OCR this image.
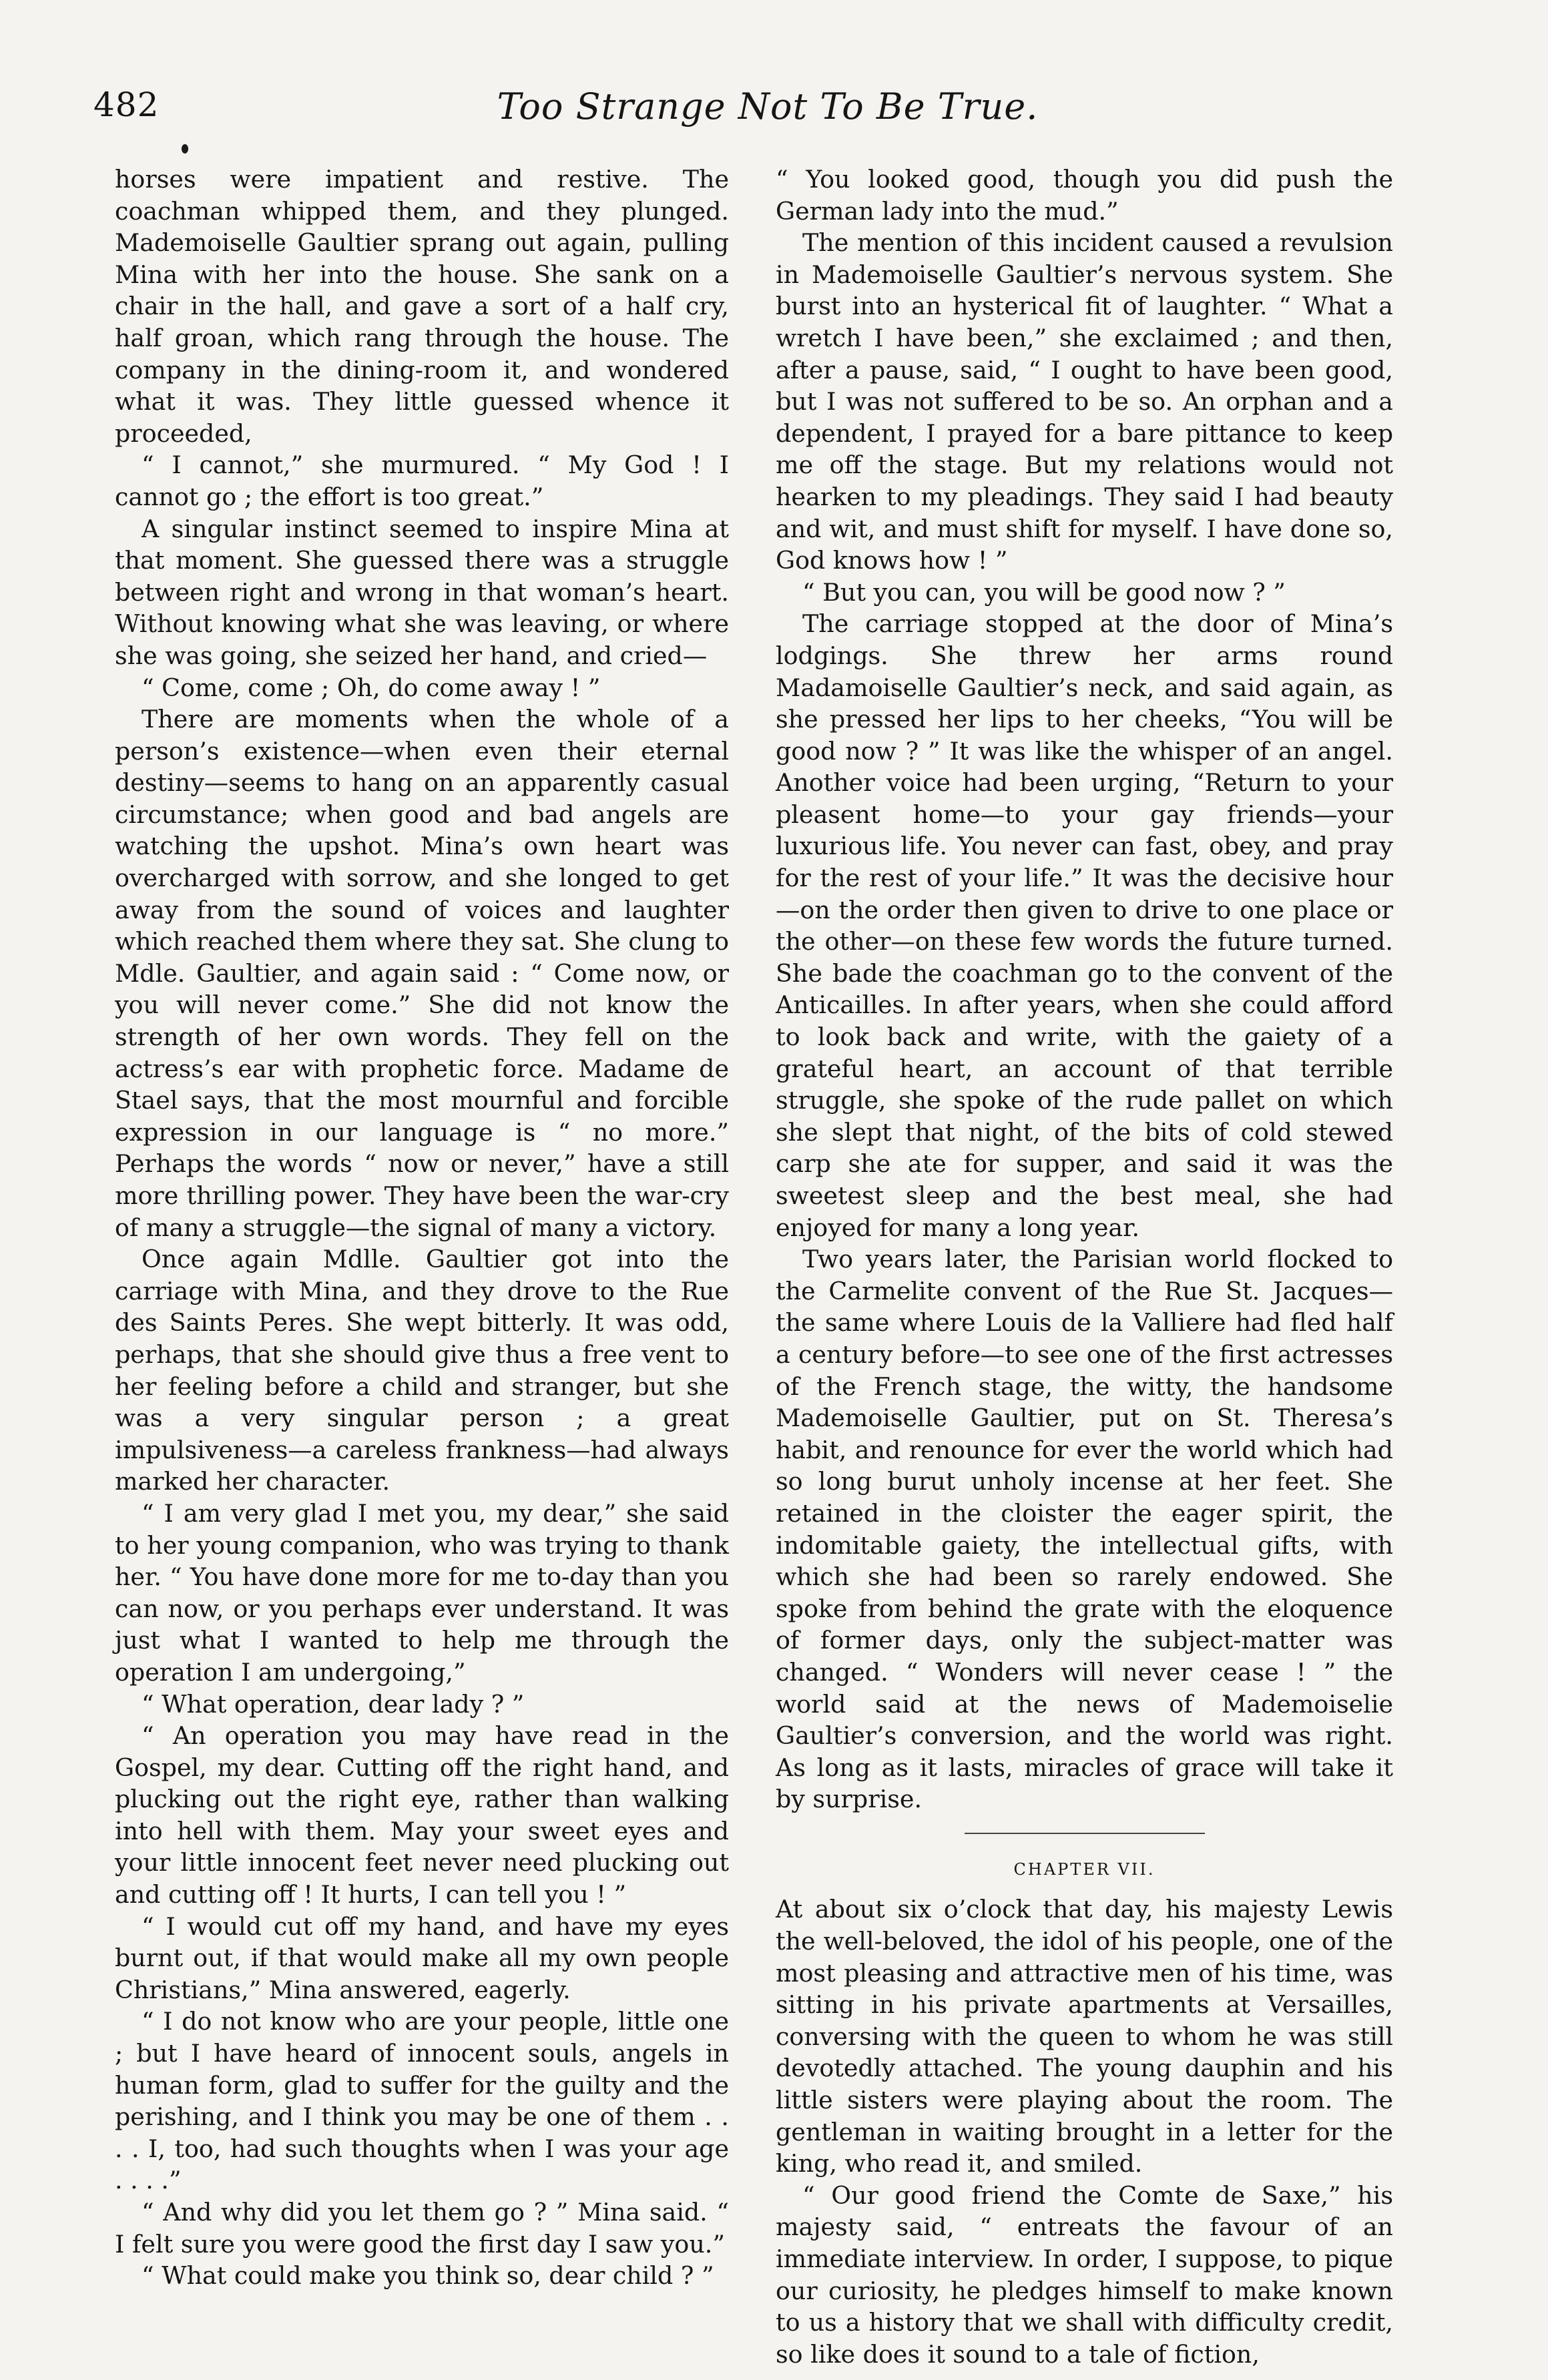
482	Too Strange Not To Be True.

horses were impatient and restive. The coachman whipped them, and they plunged. Mademoiselle Gaultier sprang out again, pulling Mina with her into the house. She sank on a chair in the hall, and gave a sort of a half cry, half groan, which rang through the house. The company in the dining-room it, and wondered what it was. They little guessed whence it proceeded,

“ I cannot,” she murmured. “ My God ! I cannot go ; the effort is too great.”

A singular instinct seemed to inspire Mina at that moment. She guessed there was a struggle between right and wrong in that woman’s heart. Without knowing what she was leaving, or where she was going, she seized her hand, and cried—

“ Come, come ; Oh, do come away ! ”

There are moments when the whole of a person’s existence—when even their eternal destiny—seems to hang on an apparently casual circumstance; when good and bad angels are watching the upshot. Mina’s own heart was overcharged with sorrow, and she longed to get away from the sound of voices and laughter which reached them where they sat. She clung to Mdle. Gaultier, and again said : “ Come now, or you will never come.” She did not know the strength of her own words. They fell on the actress’s ear with prophetic force. Madame de Stael says, that the most mournful and forcible expression in our language is “ no more.” Perhaps the words “ now or never,” have a still more thrilling power. They have been the war-cry of many a struggle—the signal of many a victory.

Once again Mdlle. Gaultier got into the carriage with Mina, and they drove to the Rue des Saints Peres. She wept bitterly. It was odd, perhaps, that she should give thus a free vent to her feeling before a child and stranger, but she was a very singular person ; a great impulsiveness—a careless frankness—had always marked her character.

“ I am very glad I met you, my dear,” she said to her young companion, who was trying to thank her. “ You have done more for me to-day than you can now, or you perhaps ever understand. It was just what I wanted to help me through the operation I am undergoing,”

“ What operation, dear lady ? ”

“ An operation you may have read in the Gospel, my dear. Cutting off the right hand, and plucking out the right eye, rather than walking into hell with them. May your sweet eyes and your little innocent feet never need plucking out and cutting off ! It hurts, I can tell you ! ”

“ I would cut off my hand, and have my eyes burnt out, if that would make all my own people Christians,” Mina answered, eagerly.

“ I do not know who are your people, little one ; but I have heard of innocent souls, angels in human form, glad to suffer for the guilty and the perishing, and I think you may be one of them . . . . I, too, had such thoughts when I was your age . . . .”

“ And why did you let them go ? ” Mina said. “ I felt sure you were good the first day I saw you.”

“ What could make you think so, dear child ? ”

“ You looked good, though you did push the German lady into the mud.”

The mention of this incident caused a revulsion in Mademoiselle Gaultier’s nervous system. She burst into an hysterical fit of laughter. “ What a wretch I have been,” she exclaimed ; and then, after a pause, said, “ I ought to have been good, but I was not suffered to be so. An orphan and a dependent, I prayed for a bare pittance to keep me off the stage. But my relations would not hearken to my pleadings. They said I had beauty and wit, and must shift for myself. I have done so, God knows how ! ”

“ But you can, you will be good now ? ”

The carriage stopped at the door of Mina’s lodgings. She threw her arms round Madamoiselle Gaultier’s neck, and said again, as she pressed her lips to her cheeks, “You will be good now ? ” It was like the whisper of an angel. Another voice had been urging, “Return to your pleasent home—to your gay friends—your luxurious life. You never can fast, obey, and pray for the rest of your life.” It was the decisive hour—on the order then given to drive to one place or the other—on these few words the future turned. She bade the coachman go to the convent of the Anticailles. In after years, when she could afford to look back and write, with the gaiety of a grateful heart, an account of that terrible struggle, she spoke of the rude pallet on which she slept that night, of the bits of cold stewed carp she ate for supper, and said it was the sweetest sleep and the best meal, she had enjoyed for many a long year.

Two years later, the Parisian world flocked to the Carmelite convent of the Rue St. Jacques—the same where Louis de la Valliere had fled half a century before—to see one of the first actresses of the French stage, the witty, the handsome Mademoiselle Gaultier, put on St. Theresa’s habit, and renounce for ever the world which had so long burut unholy incense at her feet. She retained in the cloister the eager spirit, the indomitable gaiety, the intellectual gifts, with which she had been so rarely endowed. She spoke from behind the grate with the eloquence of former days, only the subject-matter was changed. “ Wonders will never cease ! ” the world said at the news of Mademoiselie Gaultier’s conversion, and the world was right. As long as it lasts, miracles of grace will take it by surprise.

CHAPTER VII.

At about six o’clock that day, his majesty Lewis the well-beloved, the idol of his people, one of the most pleasing and attractive men of his time, was sitting in his private apartments at Versailles, conversing with the queen to whom he was still devotedly attached. The young dauphin and his little sisters were playing about the room. The gentleman in waiting brought in a letter for the king, who read it, and smiled.

“ Our good friend the Comte de Saxe,” his majesty said, “ entreats the favour of an immediate interview. In order, I suppose, to pique our curiosity, he pledges himself to make known to us a history that we shall with difficulty credit, so like does it sound to a tale of fiction,
